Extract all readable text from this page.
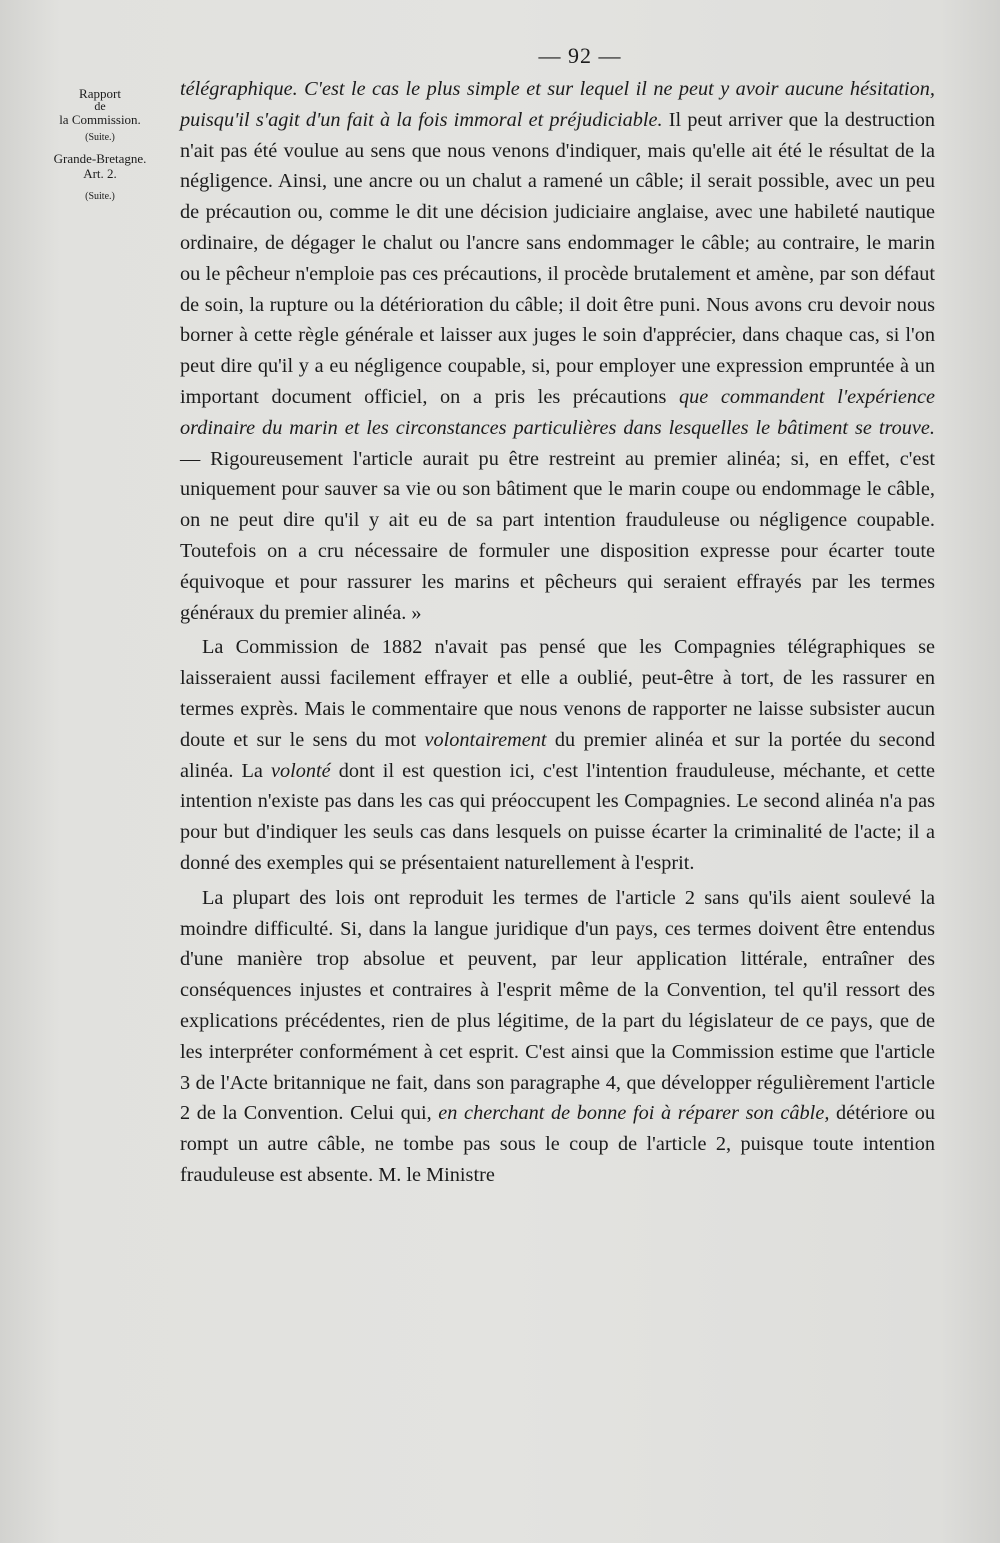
— 92 —
Rapport
de
la Commission.
(Suite.)
Grande-Bretagne.
Art. 2.
(Suite.)

télégraphique. C'est le cas le plus simple et sur lequel il ne peut y avoir aucune hésitation, puisqu'il s'agit d'un fait à la fois immoral et préjudiciable. Il peut arriver que la destruction n'ait pas été voulue au sens que nous venons d'indiquer, mais qu'elle ait été le résultat de la négligence. Ainsi, une ancre ou un chalut a ramené un câble; il serait possible, avec un peu de précaution ou, comme le dit une décision judiciaire anglaise, avec une habileté nautique ordinaire, de dégager le chalut ou l'ancre sans endommager le câble; au contraire, le marin ou le pêcheur n'emploie pas ces précautions, il procède brutalement et amène, par son défaut de soin, la rupture ou la détérioration du câble; il doit être puni. Nous avons cru devoir nous borner à cette règle générale et laisser aux juges le soin d'apprécier, dans chaque cas, si l'on peut dire qu'il y a eu négligence coupable, si, pour employer une expression empruntée à un important document officiel, on a pris les précautions que commandent l'expérience ordinaire du marin et les circonstances particulières dans lesquelles le bâtiment se trouve. — Rigoureusement l'article aurait pu être restreint au premier alinéa; si, en effet, c'est uniquement pour sauver sa vie ou son bâtiment que le marin coupe ou endommage le câble, on ne peut dire qu'il y ait eu de sa part intention frauduleuse ou négligence coupable. Toutefois on a cru nécessaire de formuler une disposition expresse pour écarter toute équivoque et pour rassurer les marins et pêcheurs qui seraient effrayés par les termes généraux du premier alinéa. »

La Commission de 1882 n'avait pas pensé que les Compagnies télégraphiques se laisseraient aussi facilement effrayer et elle a oublié, peut-être à tort, de les rassurer en termes exprès. Mais le commentaire que nous venons de rapporter ne laisse subsister aucun doute et sur le sens du mot volontairement du premier alinéa et sur la portée du second alinéa. La volonté dont il est question ici, c'est l'intention frauduleuse, méchante, et cette intention n'existe pas dans les cas qui préoccupent les Compagnies. Le second alinéa n'a pas pour but d'indiquer les seuls cas dans lesquels on puisse écarter la criminalité de l'acte; il a donné des exemples qui se présentaient naturellement à l'esprit.

La plupart des lois ont reproduit les termes de l'article 2 sans qu'ils aient soulevé la moindre difficulté. Si, dans la langue juridique d'un pays, ces termes doivent être entendus d'une manière trop absolue et peuvent, par leur application littérale, entraîner des conséquences injustes et contraires à l'esprit même de la Convention, tel qu'il ressort des explications précédentes, rien de plus légitime, de la part du législateur de ce pays, que de les interpréter conformément à cet esprit. C'est ainsi que la Commission estime que l'article 3 de l'Acte britannique ne fait, dans son paragraphe 4, que développer régulièrement l'article 2 de la Convention. Celui qui, en cherchant de bonne foi à réparer son câble, détériore ou rompt un autre câble, ne tombe pas sous le coup de l'article 2, puisque toute intention frauduleuse est absente. M. le Ministre
